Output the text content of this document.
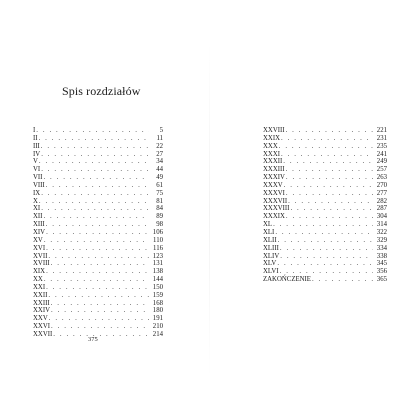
Spis rozdziałów
I . . .	5
II . . .	11
III . . .	22
IV . . .	27
V . . .	34
VI . . .	44
VII . . .	49
VIII . . .	61
IX . . .	75
X . . .	81
XI . . .	84
XII . . .	89
XIII . . .	98
XIV . . .	106
XV . . .	110
XVI . . .	116
XVII . . .	123
XVIII . . .	131
XIX . . .	138
XX . . .	144
XXI . . .	150
XXII . . .	159
XXIII . . .	168
XXIV . . .	180
XXV . . .	191
XXVI . . .	210
XXVII . . .	214
XXVIII . . .	221
XXIX . . .	231
XXX . . .	235
XXXI . . .	241
XXXII . . .	249
XXXIII . . .	257
XXXIV . . .	263
XXXV . . .	270
XXXVI . . .	277
XXXVII . . .	282
XXXVIII . . .	287
XXXIX . . .	304
XL . . .	314
XLI . . .	322
XLII . . .	329
XLIII . . .	334
XLIV . . .	338
XLV . . .	345
XLVI . . .	356
ZAKOŃCZENIE . . .	365
375
